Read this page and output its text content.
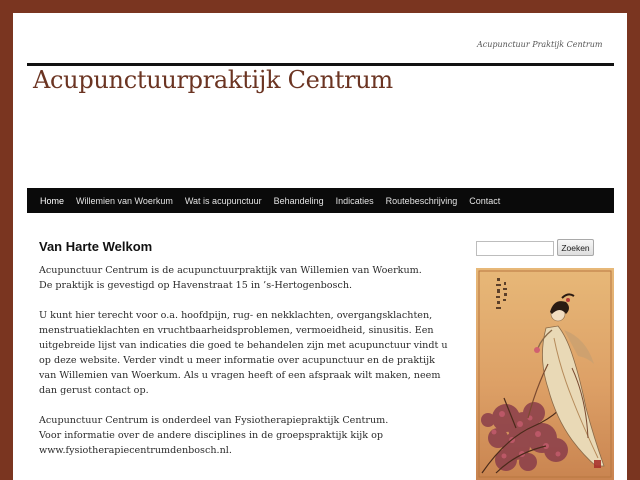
Acupunctuur Praktijk Centrum
Acupunctuurpraktijk Centrum
Home	Willemien van Woerkum	Wat is acupunctuur	Behandeling	Indicaties	Routebeschrijving	Contact
Van Harte Welkom

Acupunctuur Centrum is de acupunctuurpraktijk van Willemien van Woerkum.
De praktijk is gevestigd op Havenstraat 15 in ’s-Hertogenbosch.

U kunt hier terecht voor o.a. hoofdpijn, rug- en nekklachten, overgangsklachten, menstruatieklachten en vruchtbaarheidsproblemen, vermoeidheid, sinusitis. Een uitgebreide lijst van indicaties die goed te behandelen zijn met acupunctuur vindt u op deze website. Verder vindt u meer informatie over acupunctuur en de praktijk van Willemien van Woerkum. Als u vragen heeft of een afspraak wilt maken, neem dan gerust contact op.

Acupunctuur Centrum is onderdeel van Fysiotherapiepraktijk Centrum.
Voor informatie over de andere disciplines in de groepspraktijk kijk op
www.fysiotherapiecentrumdenbosch.nl.

Zoeken
